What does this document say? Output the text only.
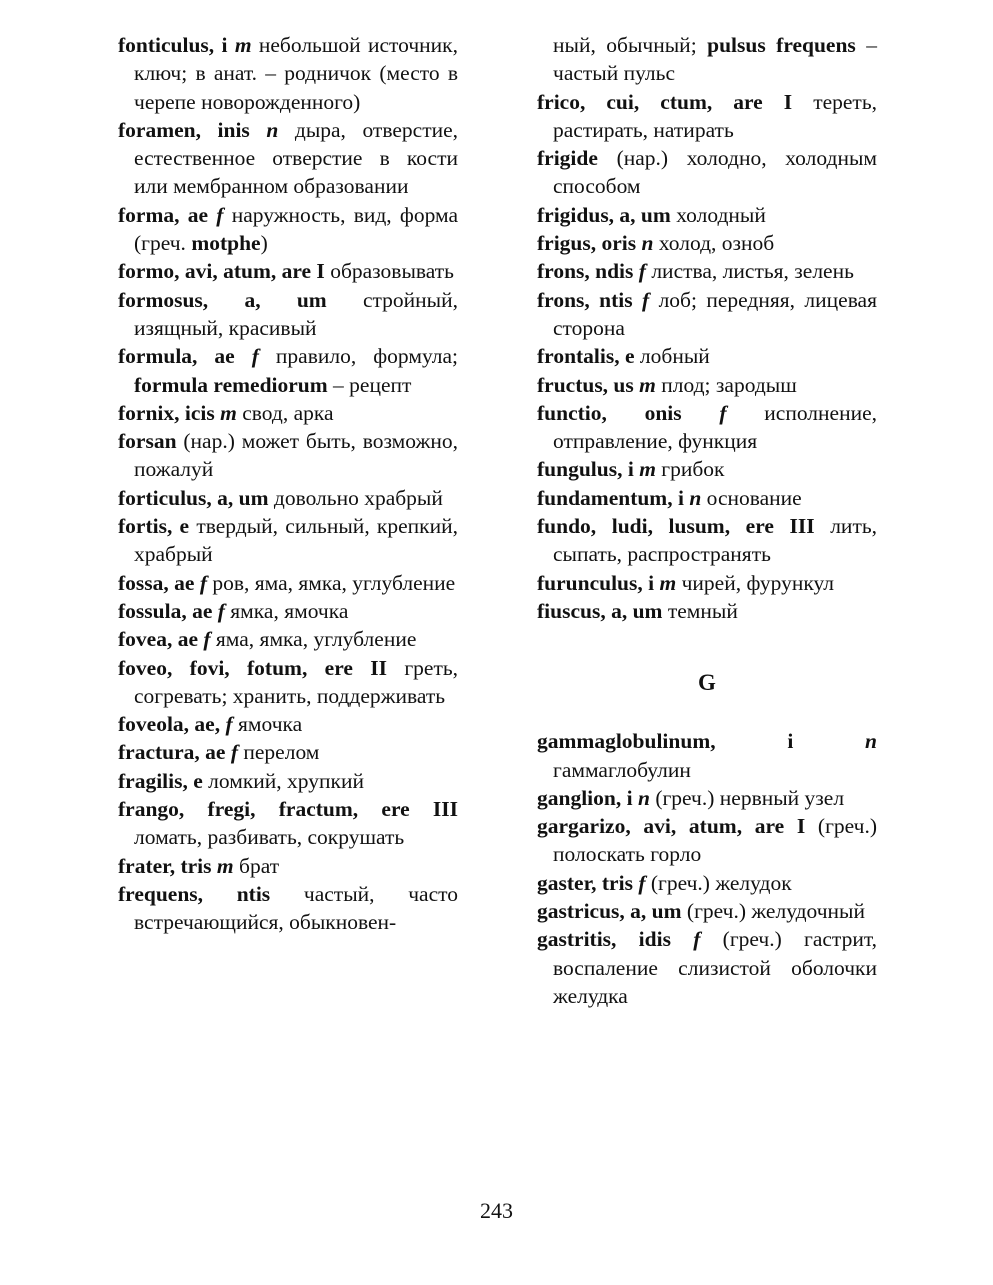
fonticulus, i m небольшой источник, ключ; в анат. – родничок (место в черепе новорожденного)

foramen, inis n дыра, отверстие, естественное отверстие в кости или мембранном образовании

forma, ae f наружность, вид, форма (греч. motphe)

formo, avi, atum, are I образовывать

formosus, a, um стройный, изящный, красивый

formula, ae f правило, формула; formula remediorum – рецепт

fornix, icis m свод, арка

forsan (нар.) может быть, возможно, пожалуй

forticulus, a, um довольно храбрый

fortis, e твердый, сильный, крепкий, храбрый

fossa, ae f ров, яма, ямка, углубление

fossula, ae f ямка, ямочка

fovea, ae f яма, ямка, углубление

foveo, fovi, fotum, ere II греть, согревать; хранить, поддерживать

foveola, ae, f ямочка

fractura, ae f перелом

fragilis, e ломкий, хрупкий

frango, fregi, fractum, ere III ломать, разбивать, сокрушать

frater, tris m брат

frequens, ntis частый, часто встречающийся, обыкновен-

ный, обычный; pulsus frequens – частый пульс

frico, cui, ctum, are I тереть, растирать, натирать

frigide (нар.) холодно, холодным способом

frigidus, a, um холодный

frigus, oris n холод, озноб

frons, ndis f листва, листья, зелень

frons, ntis f лоб; передняя, лицевая сторона

frontalis, e лобный

fructus, us m плод; зародыш

functio, onis f исполнение, отправление, функция

fungulus, i m грибок

fundamentum, i n основание

fundo, ludi, lusum, ere III лить, сыпать, распространять

furunculus, i m чирей, фурункул

fiuscus, a, um темный

G

gammaglobulinum, i	n гаммаглобулин

ganglion, i n (греч.) нервный узел

gargarizo, avi, atum, are I (греч.) полоскать горло

gaster, tris f (греч.) желудок

gastricus, a, um (греч.) желудочный

gastritis, idis f (греч.) гастрит, воспаление слизистой оболочки желудка

243
